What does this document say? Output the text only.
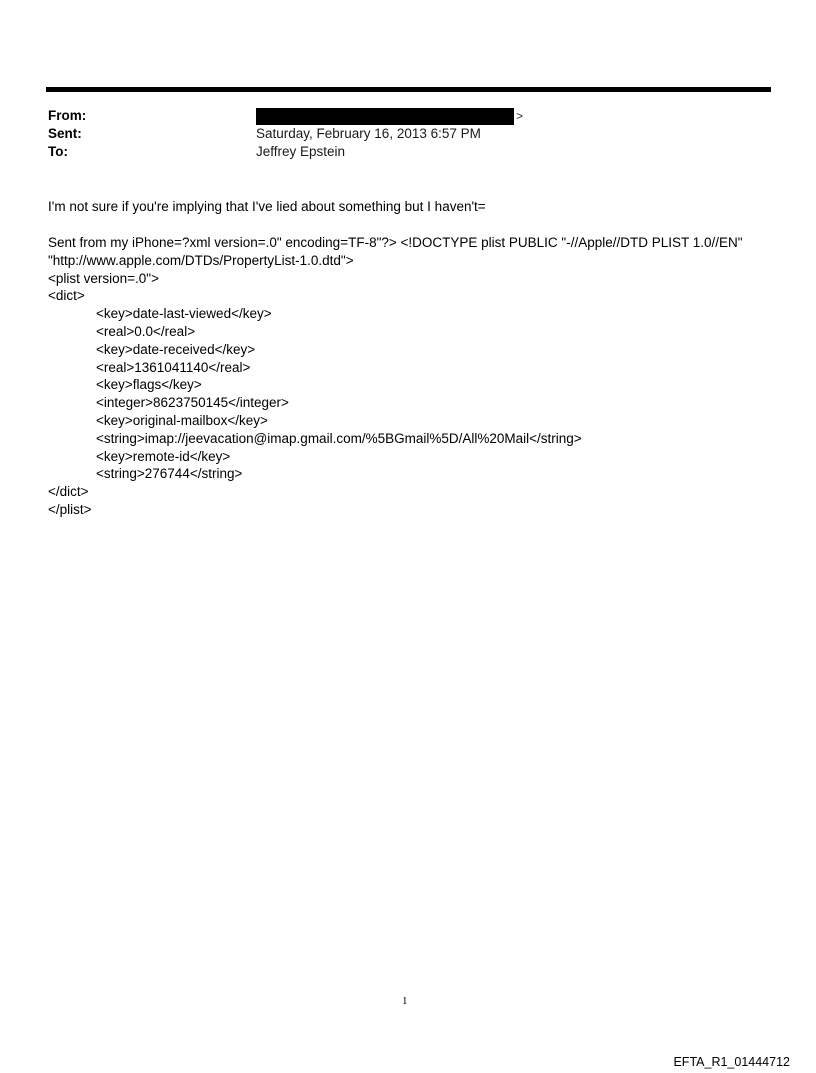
From:	>
Sent:	Saturday, February 16, 2013 6:57 PM
To:	Jeffrey Epstein
I'm not sure if you're implying that I've lied about something but I haven't=
Sent from my iPhone=?xml version=.0" encoding=TF-8"?> <!DOCTYPE plist PUBLIC "-//Apple//DTD PLIST 1.0//EN"
"http://www.apple.com/DTDs/PropertyList-1.0.dtd">
<plist version=.0">
<dict>
<key>date-last-viewed</key>
<real>0.0</real>
<key>date-received</key>
<real>1361041140</real>
<key>flags</key>
<integer>8623750145</integer>
<key>original-mailbox</key>
<string>imap://jeevacation@imap.gmail.com/%5BGmail%5D/All%20Mail</string>
<key>remote-id</key>
<string>276744</string>
</dict>
</plist>
1
EFTA_R1_01444712
